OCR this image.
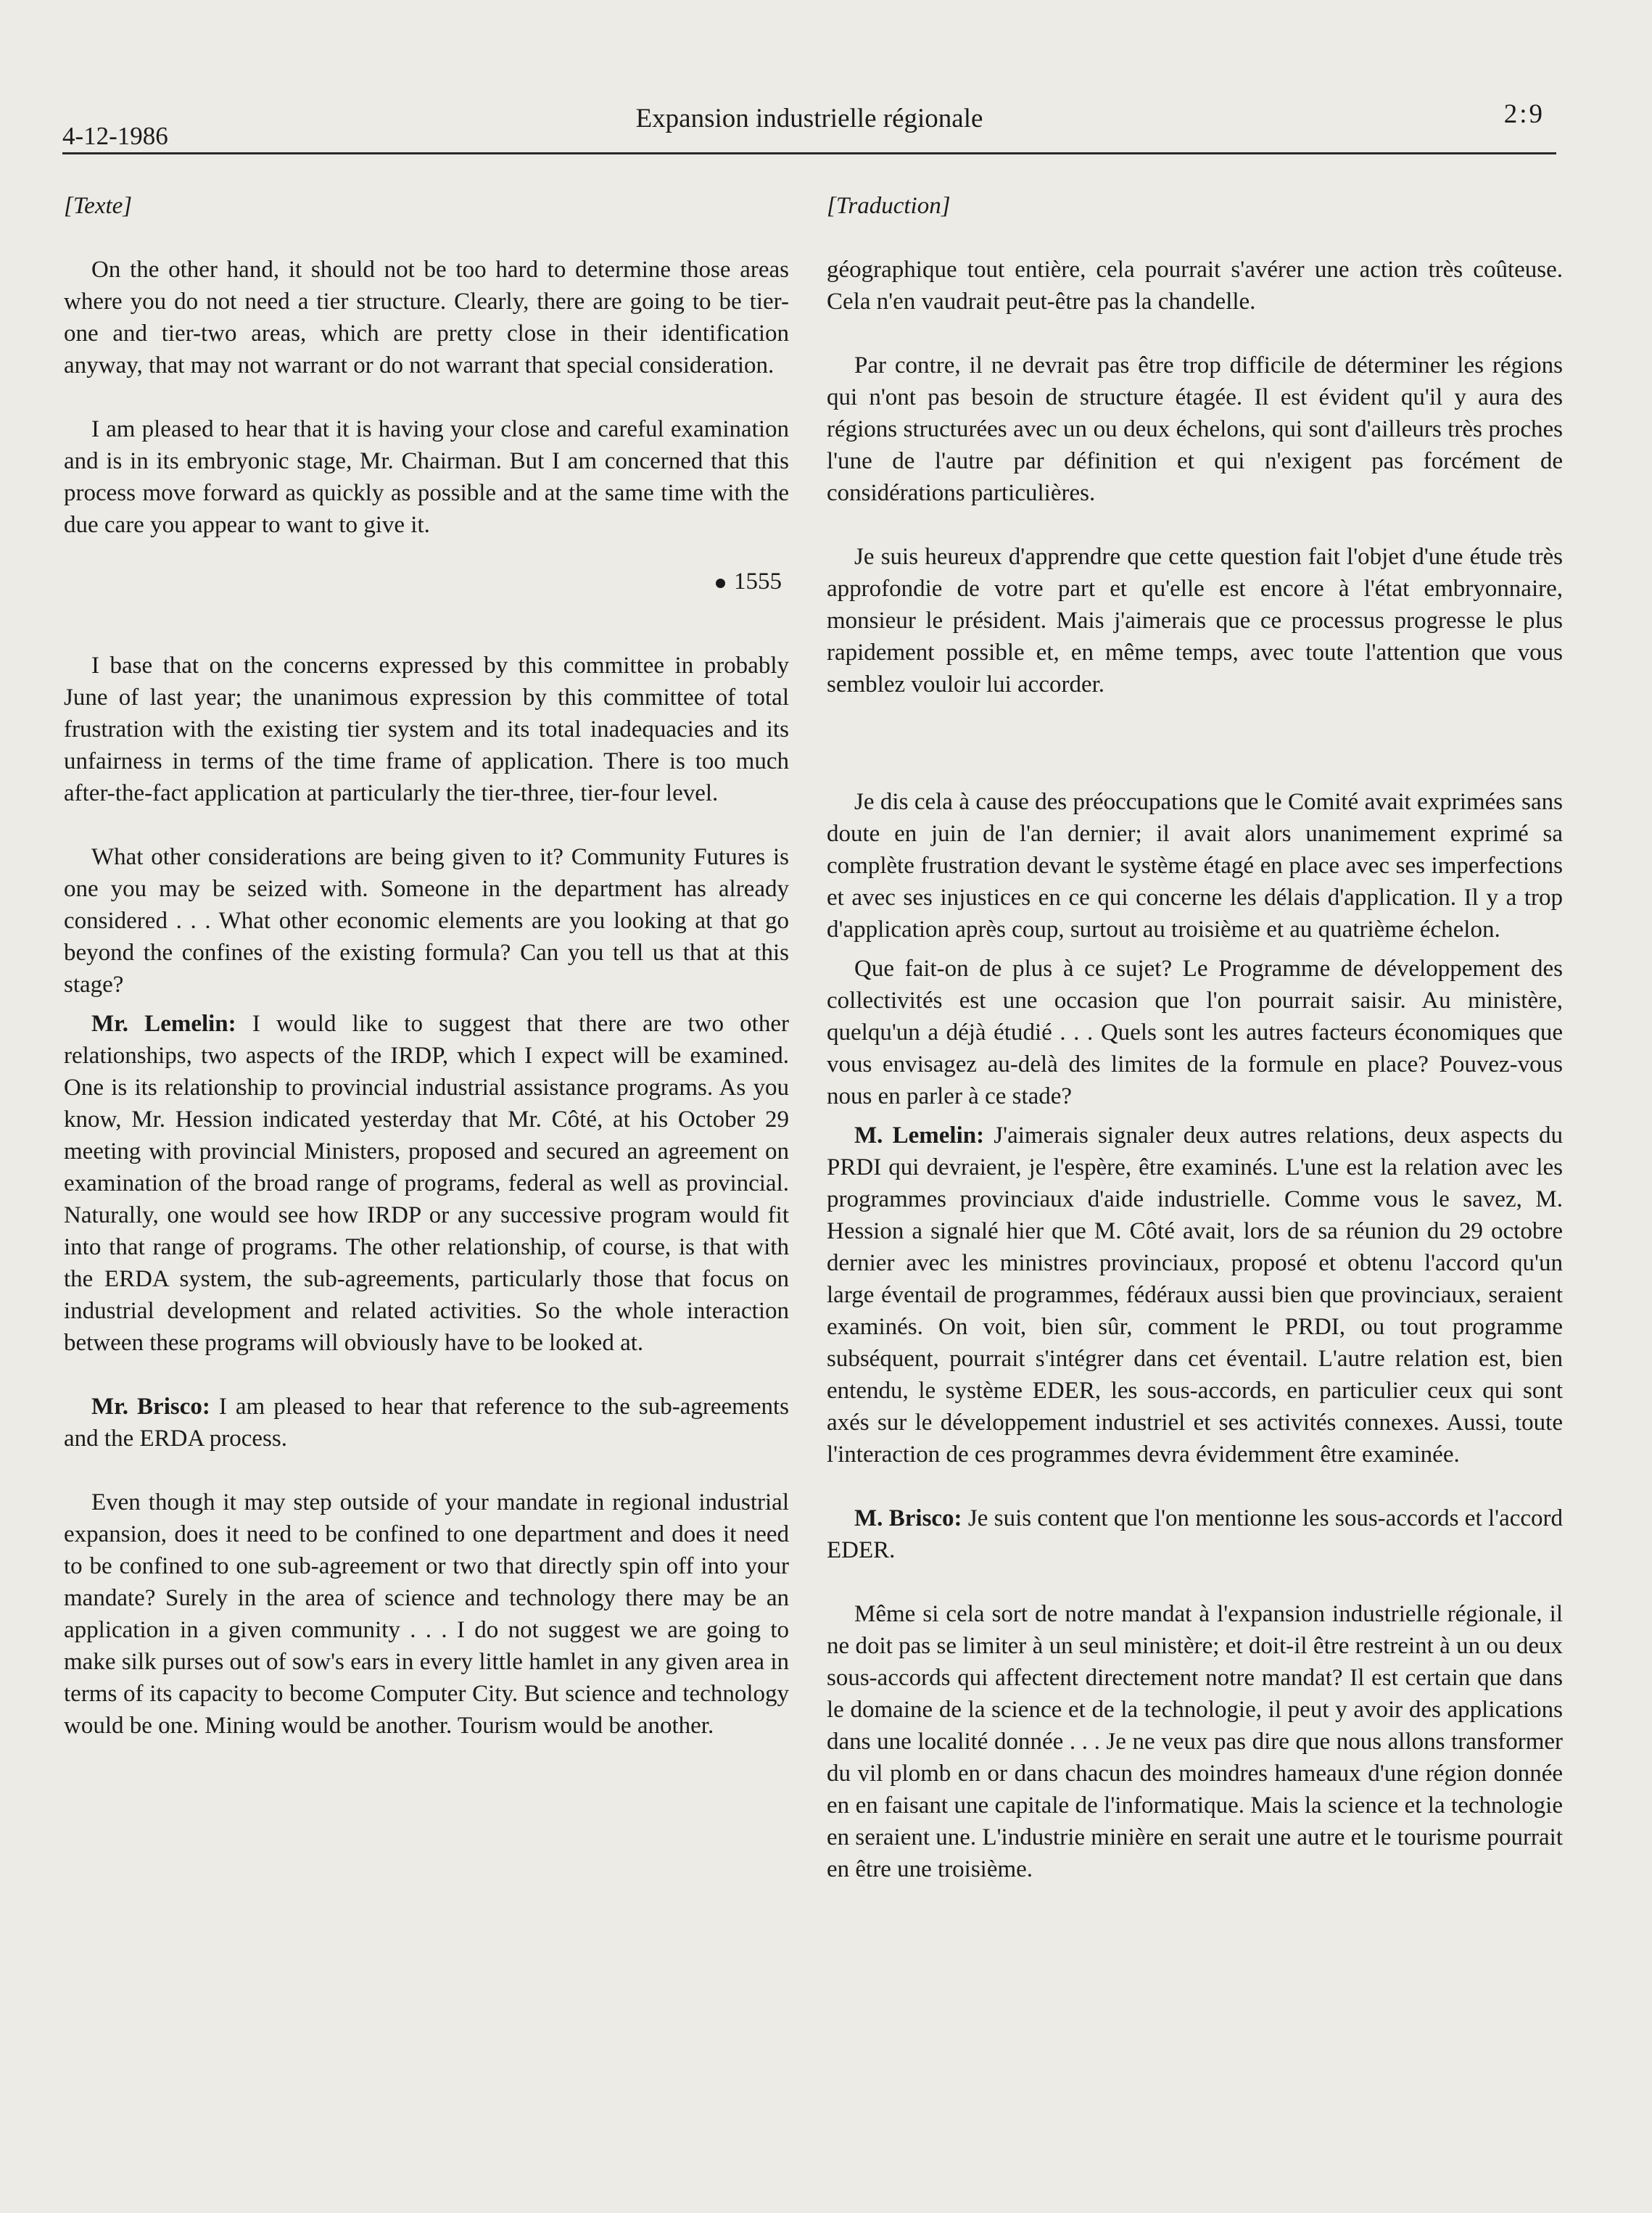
4-12-1986
Expansion industrielle régionale	2:9

[Texte]

On the other hand, it should not be too hard to determine those areas where you do not need a tier structure. Clearly, there are going to be tier-one and tier-two areas, which are pretty close in their identification anyway, that may not warrant or do not warrant that special consideration.

I am pleased to hear that it is having your close and careful examination and is in its embryonic stage, Mr. Chairman. But I am concerned that this process move forward as quickly as possible and at the same time with the due care you appear to want to give it.

1555

I base that on the concerns expressed by this committee in probably June of last year; the unanimous expression by this committee of total frustration with the existing tier system and its total inadequacies and its unfairness in terms of the time frame of application. There is too much after-the-fact application at particularly the tier-three, tier-four level.

What other considerations are being given to it? Community Futures is one you may be seized with. Someone in the department has already considered . . . What other economic elements are you looking at that go beyond the confines of the existing formula? Can you tell us that at this stage?

Mr. Lemelin: I would like to suggest that there are two other relationships, two aspects of the IRDP, which I expect will be examined. One is its relationship to provincial industrial assistance programs. As you know, Mr. Hession indicated yesterday that Mr. Côté, at his October 29 meeting with provincial Ministers, proposed and secured an agreement on examination of the broad range of programs, federal as well as provincial. Naturally, one would see how IRDP or any successive program would fit into that range of programs. The other relationship, of course, is that with the ERDA system, the sub-agreements, particularly those that focus on industrial development and related activities. So the whole interaction between these programs will obviously have to be looked at.

Mr. Brisco: I am pleased to hear that reference to the sub-agreements and the ERDA process.

Even though it may step outside of your mandate in regional industrial expansion, does it need to be confined to one department and does it need to be confined to one sub-agreement or two that directly spin off into your mandate? Surely in the area of science and technology there may be an application in a given community . . . I do not suggest we are going to make silk purses out of sow's ears in every little hamlet in any given area in terms of its capacity to become Computer City. But science and technology would be one. Mining would be another. Tourism would be another.

[Traduction]

géographique tout entière, cela pourrait s'avérer une action très coûteuse. Cela n'en vaudrait peut-être pas la chandelle.

Par contre, il ne devrait pas être trop difficile de déterminer les régions qui n'ont pas besoin de structure étagée. Il est évident qu'il y aura des régions structurées avec un ou deux échelons, qui sont d'ailleurs très proches l'une de l'autre par définition et qui n'exigent pas forcément de considérations particulières.

Je suis heureux d'apprendre que cette question fait l'objet d'une étude très approfondie de votre part et qu'elle est encore à l'état embryonnaire, monsieur le président. Mais j'aimerais que ce processus progresse le plus rapidement possible et, en même temps, avec toute l'attention que vous semblez vouloir lui accorder.

Je dis cela à cause des préoccupations que le Comité avait exprimées sans doute en juin de l'an dernier; il avait alors unanimement exprimé sa complète frustration devant le système étagé en place avec ses imperfections et avec ses injustices en ce qui concerne les délais d'application. Il y a trop d'application après coup, surtout au troisième et au quatrième échelon.

Que fait-on de plus à ce sujet? Le Programme de développement des collectivités est une occasion que l'on pourrait saisir. Au ministère, quelqu'un a déjà étudié . . . Quels sont les autres facteurs économiques que vous envisagez au-delà des limites de la formule en place? Pouvez-vous nous en parler à ce stade?

M. Lemelin: J'aimerais signaler deux autres relations, deux aspects du PRDI qui devraient, je l'espère, être examinés. L'une est la relation avec les programmes provinciaux d'aide industrielle. Comme vous le savez, M. Hession a signalé hier que M. Côté avait, lors de sa réunion du 29 octobre dernier avec les ministres provinciaux, proposé et obtenu l'accord qu'un large éventail de programmes, fédéraux aussi bien que provinciaux, seraient examinés. On voit, bien sûr, comment le PRDI, ou tout programme subséquent, pourrait s'intégrer dans cet éventail. L'autre relation est, bien entendu, le système EDER, les sous-accords, en particulier ceux qui sont axés sur le développement industriel et ses activités connexes. Aussi, toute l'interaction de ces programmes devra évidemment être examinée.

M. Brisco: Je suis content que l'on mentionne les sous-accords et l'accord EDER.

Même si cela sort de notre mandat à l'expansion industrielle régionale, il ne doit pas se limiter à un seul ministère; et doit-il être restreint à un ou deux sous-accords qui affectent directement notre mandat? Il est certain que dans le domaine de la science et de la technologie, il peut y avoir des applications dans une localité donnée . . . Je ne veux pas dire que nous allons transformer du vil plomb en or dans chacun des moindres hameaux d'une région donnée en en faisant une capitale de l'informatique. Mais la science et la technologie en seraient une. L'industrie minière en serait une autre et le tourisme pourrait en être une troisième.
